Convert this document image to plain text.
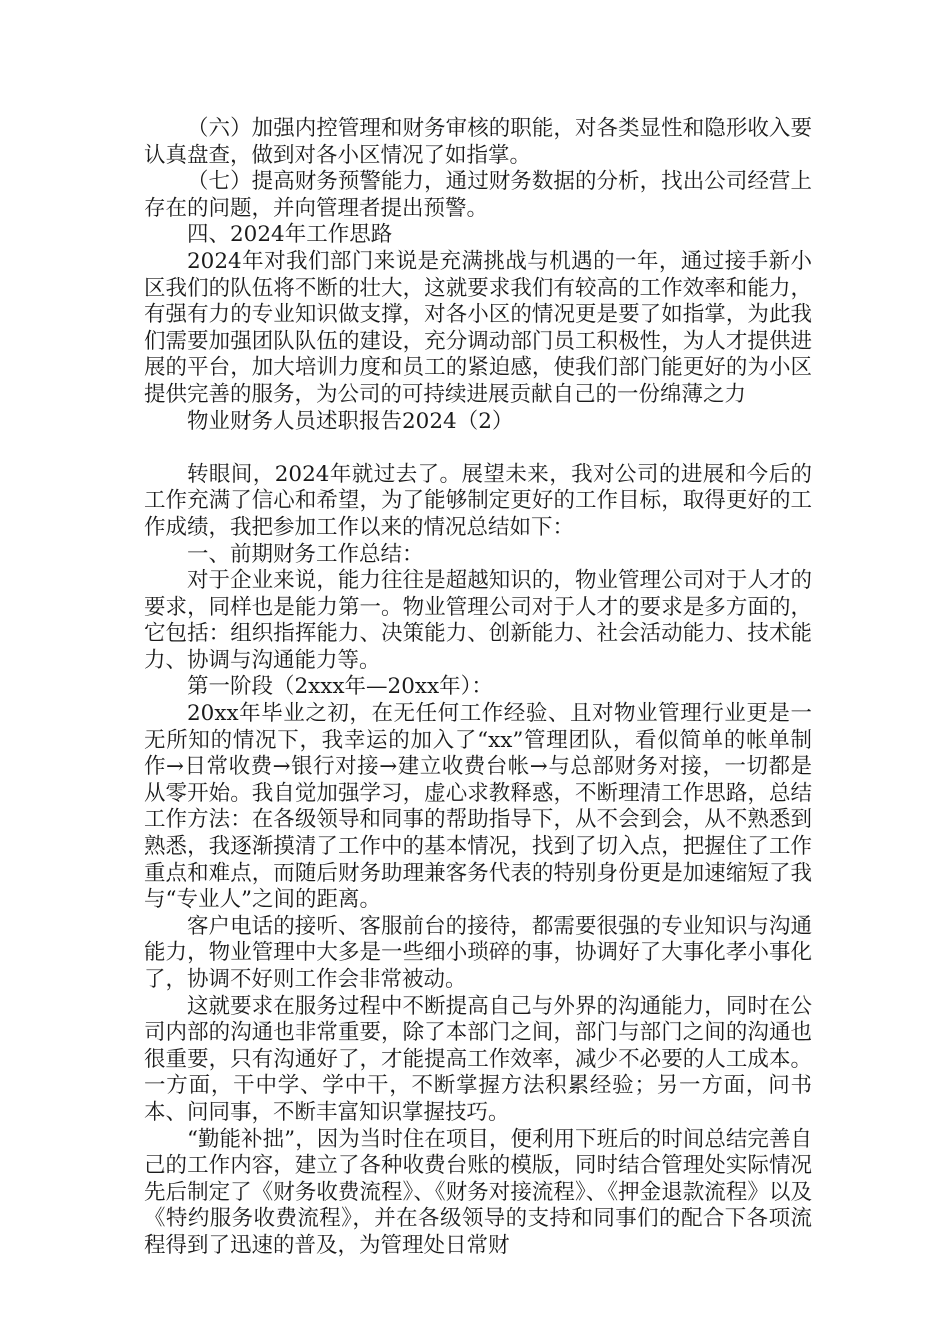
（六）加强内控管理和财务审核的职能，对各类显性和隐形收入要认真盘查，做到对各小区情况了如指掌。

（七）提高财务预警能力，通过财务数据的分析，找出公司经营上存在的问题，并向管理者提出预警。

四、2024年工作思路

2024年对我们部门来说是充满挑战与机遇的一年，通过接手新小区我们的队伍将不断的壮大，这就要求我们有较高的工作效率和能力，有强有力的专业知识做支撑，对各小区的情况更是要了如指掌，为此我们需要加强团队队伍的建设，充分调动部门员工积极性，为人才提供进展的平台，加大培训力度和员工的紧迫感，使我们部门能更好的为小区提供完善的服务，为公司的可持续进展贡献自己的一份绵薄之力

物业财务人员述职报告2024（2）

转眼间，2024年就过去了。展望未来，我对公司的进展和今后的工作充满了信心和希望，为了能够制定更好的工作目标，取得更好的工作成绩，我把参加工作以来的情况总结如下：

一、前期财务工作总结：

对于企业来说，能力往往是超越知识的，物业管理公司对于人才的要求，同样也是能力第一。物业管理公司对于人才的要求是多方面的，它包括：组织指挥能力、决策能力、创新能力、社会活动能力、技术能力、协调与沟通能力等。

第一阶段（2xxx年—20xx年）：

20xx年毕业之初，在无任何工作经验、且对物业管理行业更是一无所知的情况下，我幸运的加入了“xx”管理团队，看似简单的帐单制作→日常收费→银行对接→建立收费台帐→与总部财务对接，一切都是从零开始。我自觉加强学习，虚心求教释惑，不断理清工作思路，总结工作方法：在各级领导和同事的帮助指导下，从不会到会，从不熟悉到熟悉，我逐渐摸清了工作中的基本情况，找到了切入点，把握住了工作重点和难点，而随后财务助理兼客务代表的特别身份更是加速缩短了我与“专业人”之间的距离。

客户电话的接听、客服前台的接待，都需要很强的专业知识与沟通能力，物业管理中大多是一些细小琐碎的事，协调好了大事化孝小事化了，协调不好则工作会非常被动。

这就要求在服务过程中不断提高自己与外界的沟通能力，同时在公司内部的沟通也非常重要，除了本部门之间，部门与部门之间的沟通也很重要，只有沟通好了，才能提高工作效率，减少不必要的人工成本。一方面，干中学、学中干，不断掌握方法积累经验；另一方面，问书本、问同事，不断丰富知识掌握技巧。

“勤能补拙”，因为当时住在项目，便利用下班后的时间总结完善自己的工作内容，建立了各种收费台账的模版，同时结合管理处实际情况先后制定了《财务收费流程》、《财务对接流程》、《押金退款流程》以及《特约服务收费流程》，并在各级领导的支持和同事们的配合下各项流程得到了迅速的普及，为管理处日常财
